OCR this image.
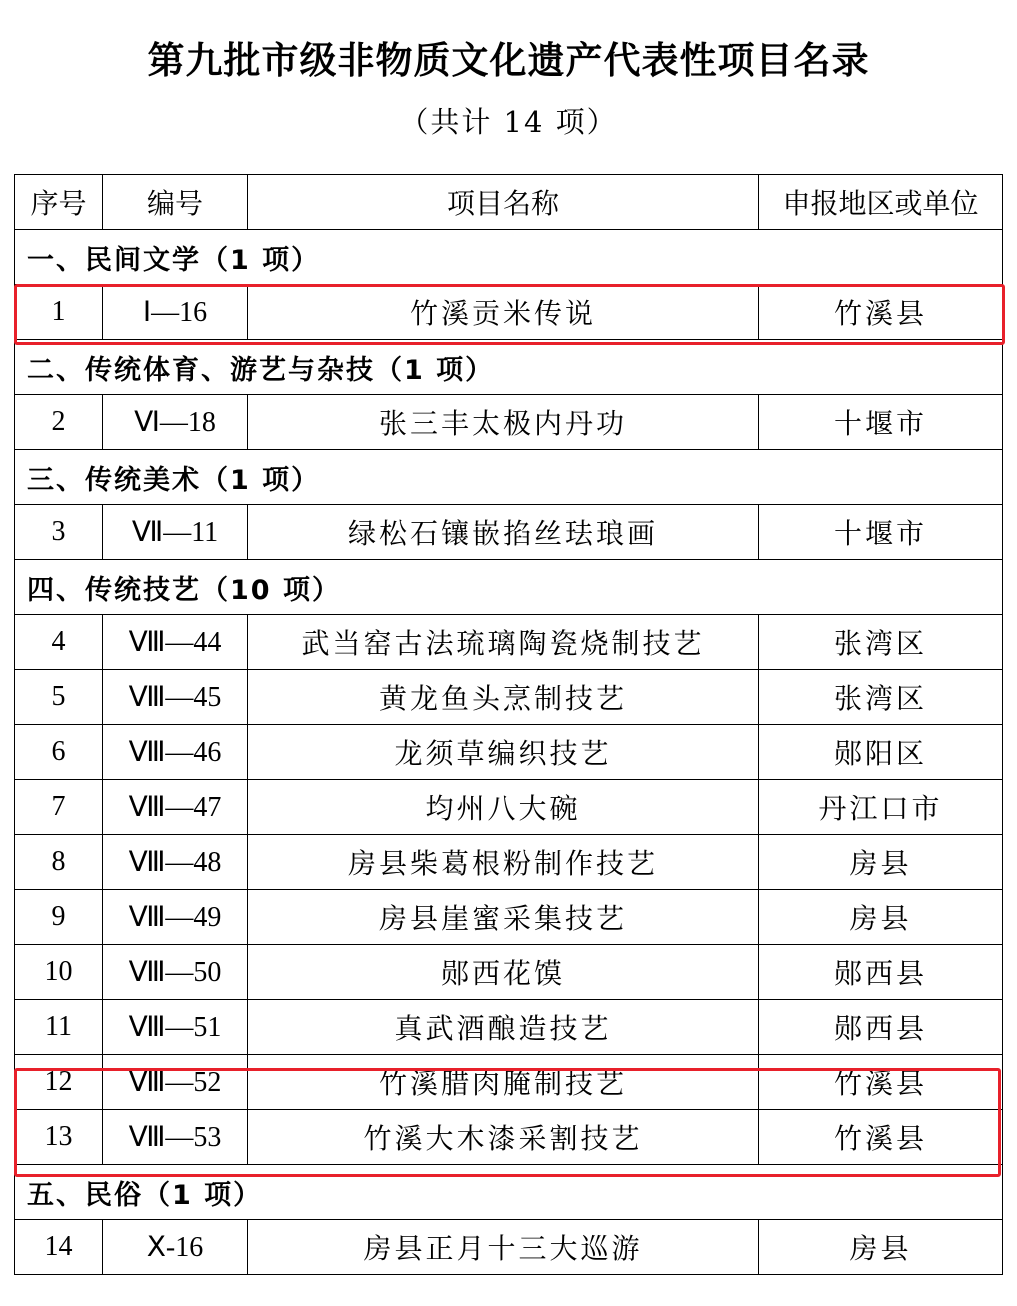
第九批市级非物质文化遗产代表性项目名录
（共计 14 项）
序号	编号	项目名称	申报地区或单位
一、民间文学（1 项）			
1	Ⅰ—16	竹溪贡米传说	竹溪县
二、传统体育、游艺与杂技（1 项）			
2	Ⅵ—18	张三丰太极内丹功	十堰市
三、传统美术（1 项）			
3	Ⅶ—11	绿松石镶嵌掐丝珐琅画	十堰市
四、传统技艺（10 项）			
4	Ⅷ—44	武当窑古法琉璃陶瓷烧制技艺	张湾区
5	Ⅷ—45	黄龙鱼头烹制技艺	张湾区
6	Ⅷ—46	龙须草编织技艺	郧阳区
7	Ⅷ—47	均州八大碗	丹江口市
8	Ⅷ—48	房县柴葛根粉制作技艺	房县
9	Ⅷ—49	房县崖蜜采集技艺	房县
10	Ⅷ—50	郧西花馍	郧西县
11	Ⅷ—51	真武酒酿造技艺	郧西县
12	Ⅷ—52	竹溪腊肉腌制技艺	竹溪县
13	Ⅷ—53	竹溪大木漆采割技艺	竹溪县
五、民俗（1 项）			
14	Ⅹ-16	房县正月十三大巡游	房县
